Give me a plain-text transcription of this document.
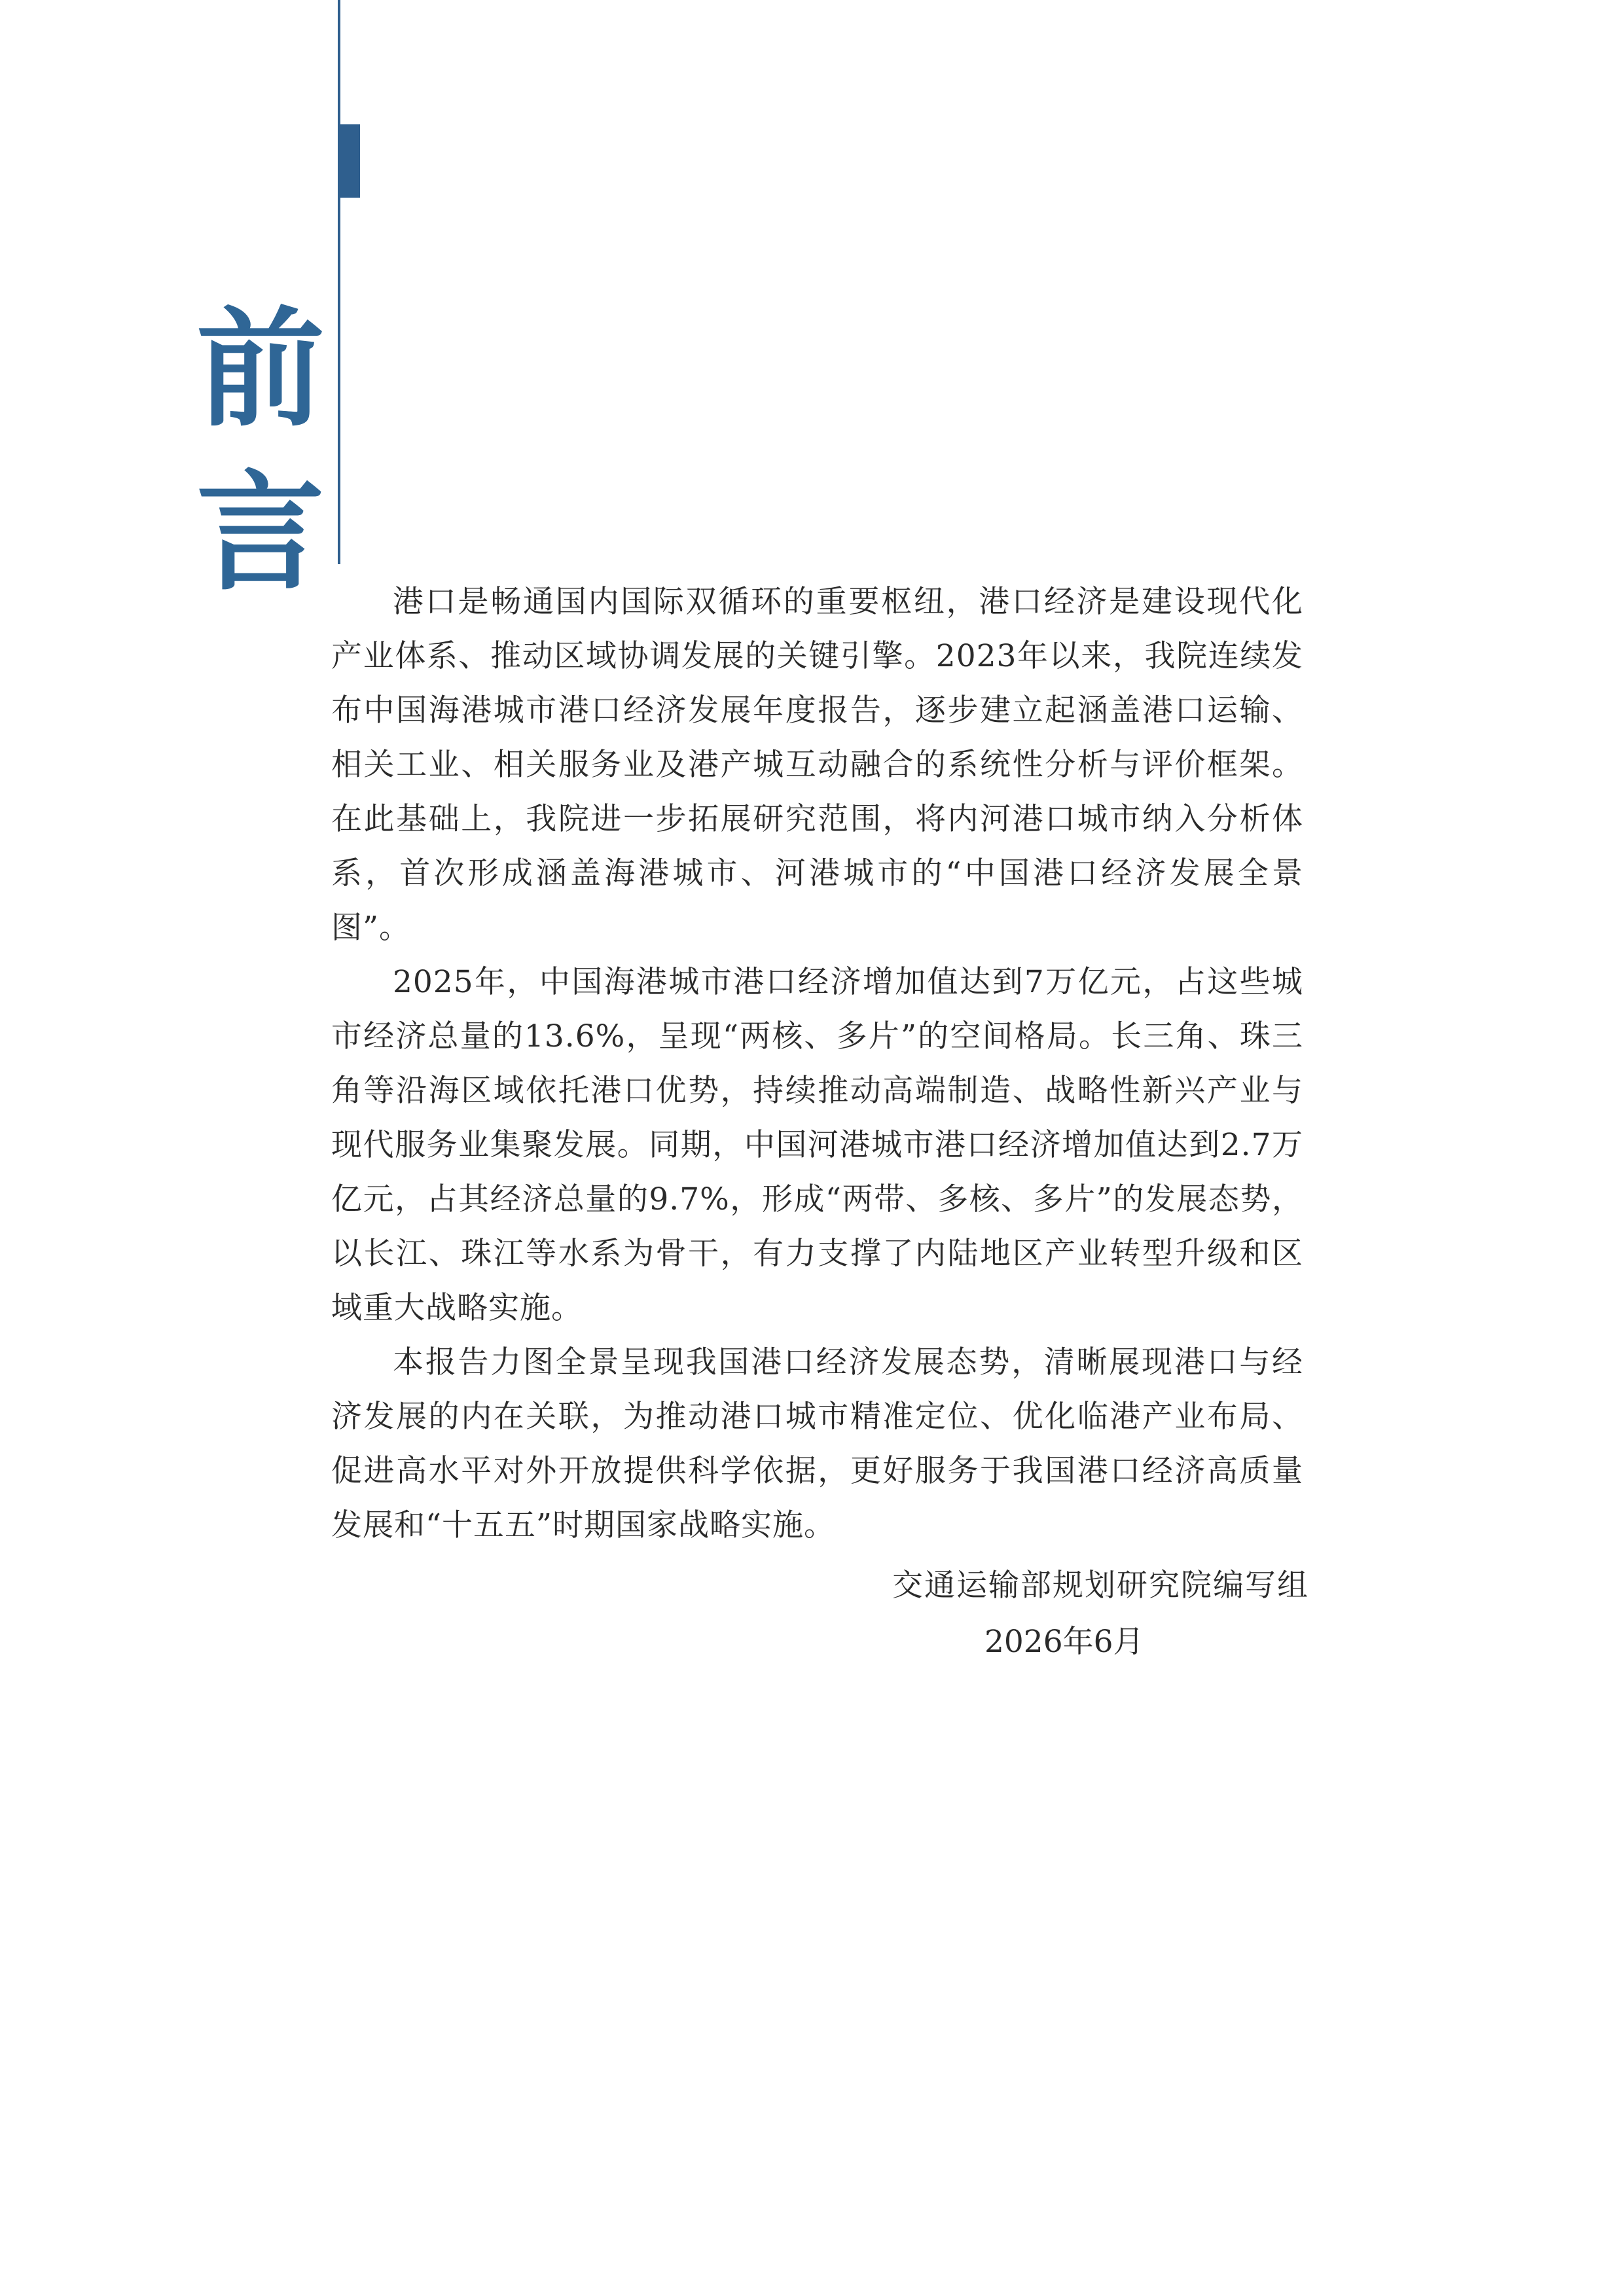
前言	港口是畅通国内国际双循环的重要枢纽，港口经济是建设现代化产业体系、推动区域协调发展的关键引擎。2023年以来，我院连续发布中国海港城市港口经济发展年度报告，逐步建立起涵盖港口运输、相关工业、相关服务业及港产城互动融合的系统性分析与评价框架。在此基础上，我院进一步拓展研究范围，将内河港口城市纳入分析体系，首次形成涵盖海港城市、河港城市的“中国港口经济发展全景图”。

2025年，中国海港城市港口经济增加值达到7万亿元，占这些城市经济总量的13.6%，呈现“两核、多片”的空间格局。长三角、珠三角等沿海区域依托港口优势，持续推动高端制造、战略性新兴产业与现代服务业集聚发展。同期，中国河港城市港口经济增加值达到2.7万亿元，占其经济总量的9.7%，形成“两带、多核、多片”的发展态势，以长江、珠江等水系为骨干，有力支撑了内陆地区产业转型升级和区域重大战略实施。

本报告力图全景呈现我国港口经济发展态势，清晰展现港口与经济发展的内在关联，为推动港口城市精准定位、优化临港产业布局、促进高水平对外开放提供科学依据，更好服务于我国港口经济高质量发展和“十五五”时期国家战略实施。

交通运输部规划研究院编写组
2026年6月
